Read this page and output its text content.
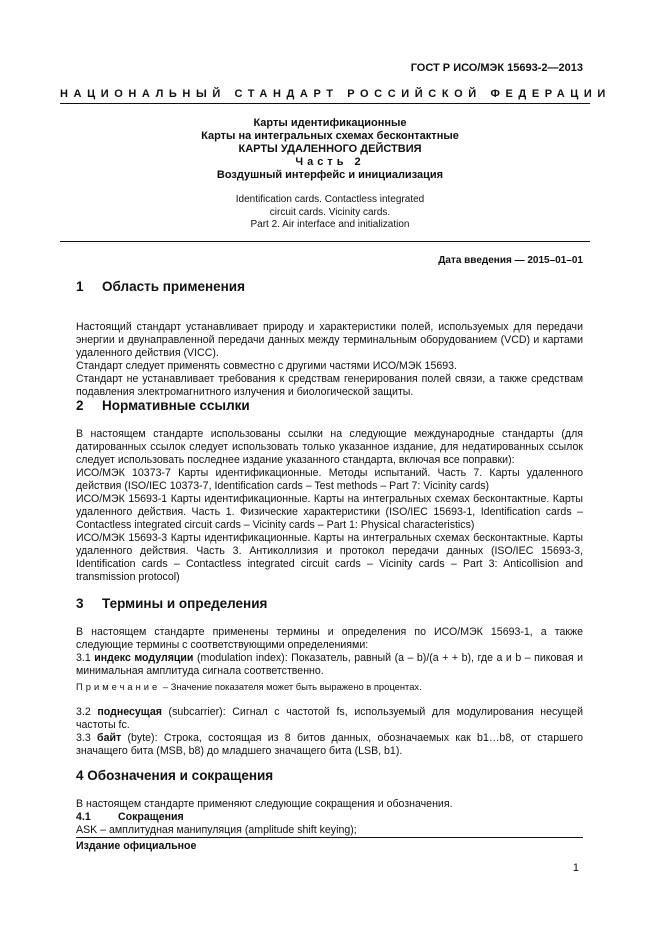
ГОСТ Р ИСО/МЭК 15693-2—2013
НАЦИОНАЛЬНЫЙ СТАНДАРТ РОССИЙСКОЙ ФЕДЕРАЦИИ
Карты идентификационные
Карты на интегральных схемах бесконтактные
КАРТЫ УДАЛЕННОГО ДЕЙСТВИЯ
Часть 2
Воздушный интерфейс и инициализация
Identification cards. Contactless integrated
circuit cards. Vicinity cards.
Part 2. Air interface and initialization
Дата введения — 2015–01–01
1 Область применения

Настоящий стандарт устанавливает природу и характеристики полей, используемых для передачи энергии и двунаправленной передачи данных между терминальным оборудованием (VCD) и картами удаленного действия (VICC).

Стандарт следует применять совместно с другими частями ИСО/МЭК 15693.

Стандарт не устанавливает требования к средствам генерирования полей связи, а также средствам подавления электромагнитного излучения и биологической защиты.

2 Нормативные ссылки

В настоящем стандарте использованы ссылки на следующие международные стандарты (для датированных ссылок следует использовать только указанное издание, для недатированных ссылок следует использовать последнее издание указанного стандарта, включая все поправки):

ИСО/МЭК 10373-7 Карты идентификационные. Методы испытаний. Часть 7. Карты удаленного действия (ISO/IEC 10373-7, Identification cards – Test methods – Part 7: Vicinity cards)

ИСО/МЭК 15693-1 Карты идентификационные. Карты на интегральных схемах бесконтактные. Карты удаленного действия. Часть 1. Физические характеристики (ISO/IEC 15693-1, Identification cards – Contactless integrated circuit cards – Vicinity cards – Part 1: Physical characteristics)

ИСО/МЭК 15693-3 Карты идентификационные. Карты на интегральных схемах бесконтактные. Карты удаленного действия. Часть 3. Антиколлизия и протокол передачи данных (ISO/IEC 15693-3, Identification cards – Contactless integrated circuit cards – Vicinity cards – Part 3: Anticollision and transmission protocol)

3 Термины и определения

В настоящем стандарте применены термины и определения по ИСО/МЭК 15693-1, а также следующие термины с соответствующими определениями:

3.1 индекс модуляции (modulation index): Показатель, равный (a – b)/(a + + b), где a и b – пиковая и минимальная амплитуда сигнала соответственно.

Примечание – Значение показателя может быть выражено в процентах.

3.2 поднесущая (subcarrier): Сигнал с частотой fs, используемый для модулирования несущей частоты fc.

3.3 байт (byte): Строка, состоящая из 8 битов данных, обозначаемых как b1…b8, от старшего значащего бита (MSB, b8) до младшего значащего бита (LSB, b1).

4 Обозначения и сокращения

В настоящем стандарте применяют следующие сокращения и обозначения.

4.1	Сокращения

ASK – амплитудная манипуляция (amplitude shift keying);

Издание официальное
1
